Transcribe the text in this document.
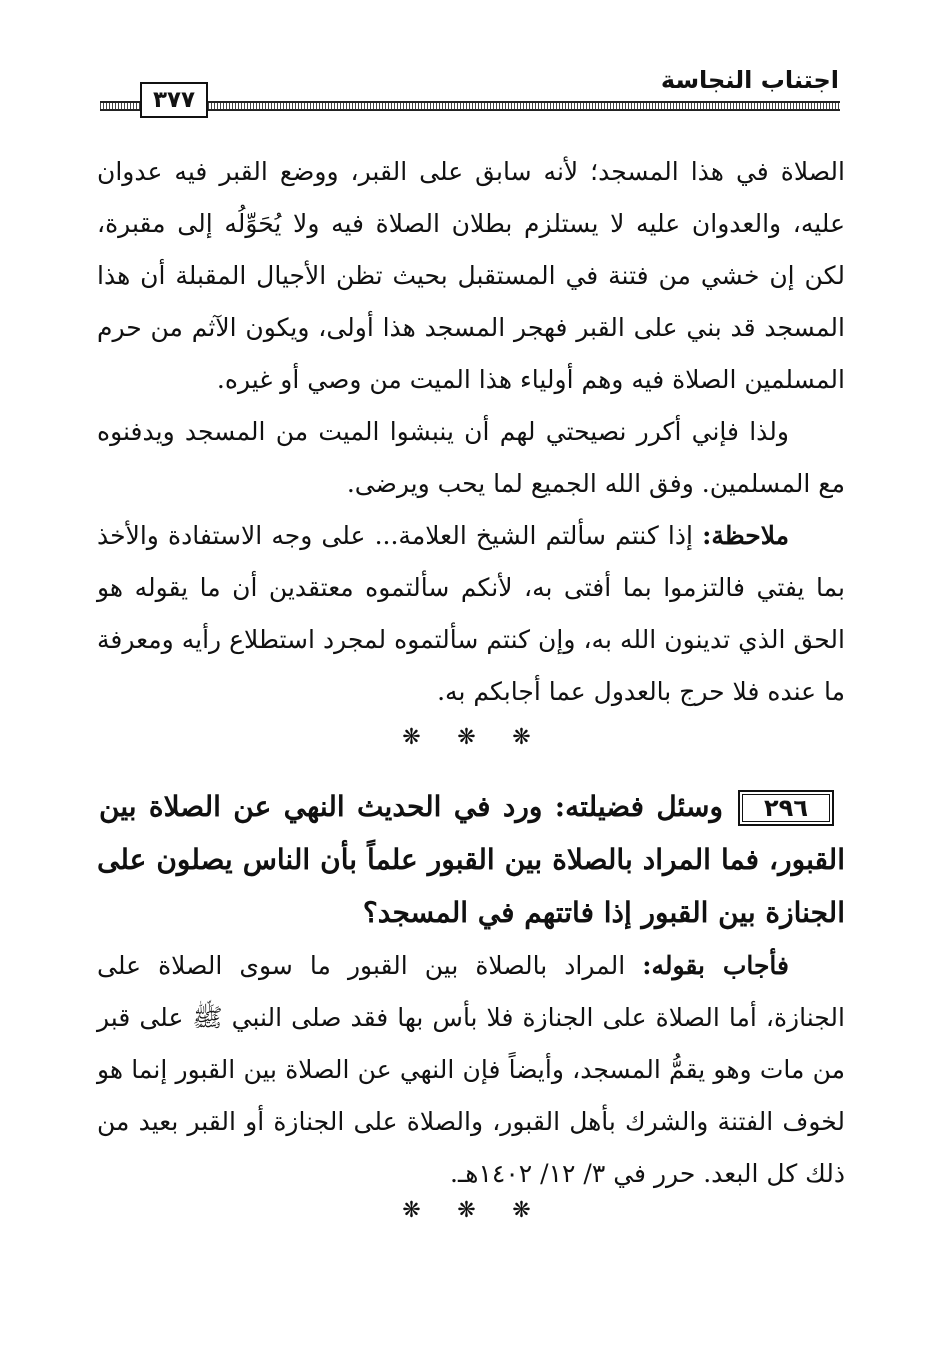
اجتناب النجاسة
٣٧٧
الصلاة في هذا المسجد؛ لأنه سابق على القبر، ووضع القبر فيه عدوان عليه، والعدوان عليه لا يستلزم بطلان الصلاة فيه ولا يُحَوِّلُه إلى مقبرة، لكن إن خشي من فتنة في المستقبل بحيث تظن الأجيال المقبلة أن هذا المسجد قد بني على القبر فهجر المسجد هذا أولى، ويكون الآثم من حرم المسلمين الصلاة فيه وهم أولياء هذا الميت من وصي أو غيره.
ولذا فإني أكرر نصيحتي لهم أن ينبشوا الميت من المسجد ويدفنوه مع المسلمين. وفق الله الجميع لما يحب ويرضى.
ملاحظة: إذا كنتم سألتم الشيخ العلامة... على وجه الاستفادة والأخذ بما يفتي فالتزموا بما أفتى به، لأنكم سألتموه معتقدين أن ما يقوله هو الحق الذي تدينون الله به، وإن كنتم سألتموه لمجرد استطلاع رأيه ومعرفة ما عنده فلا حرج بالعدول عما أجابكم به.
❋ ❋ ❋
٢٩٦
وسئل فضيلته: ورد في الحديث النهي عن الصلاة بين
القبور، فما المراد بالصلاة بين القبور علماً بأن الناس يصلون على الجنازة بين القبور إذا فاتتهم في المسجد؟
فأجاب بقوله: المراد بالصلاة بين القبور ما سوى الصلاة على الجنازة، أما الصلاة على الجنازة فلا بأس بها فقد صلى النبي ﷺ على قبر من مات وهو يقمُّ المسجد، وأيضاً فإن النهي عن الصلاة بين القبور إنما هو لخوف الفتنة والشرك بأهل القبور، والصلاة على الجنازة أو القبر بعيد من ذلك كل البعد. حرر في ٣/ ١٢/ ١٤٠٢هـ.
❋ ❋ ❋
